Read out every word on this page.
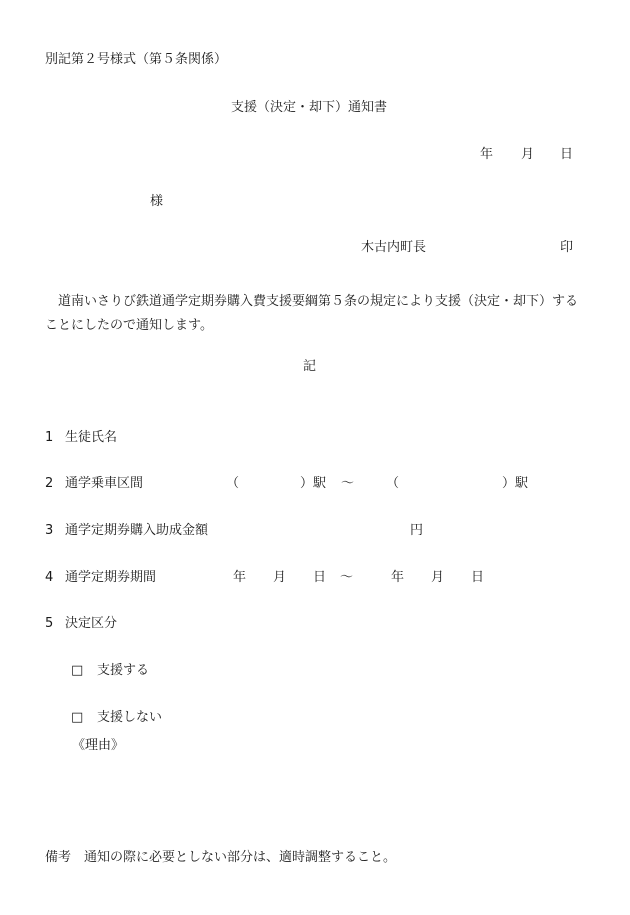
別記第２号様式（第５条関係）
支援（決定・却下）通知書
年 月 日
様
木古内町長	印
道南いさりび鉄道通学定期券購入費支援要綱第５条の規定により支援（決定・却下）することにしたので通知します。
記
1 生徒氏名
2 通学乗車区間	（	）駅 ～ （	）駅
3 通学定期券購入助成金額	円
4 通学定期券期間	年 月 日 ～	年 月 日
5 決定区分
□ 支援する
□ 支援しない
《理由》
備考　通知の際に必要としない部分は、適時調整すること。
